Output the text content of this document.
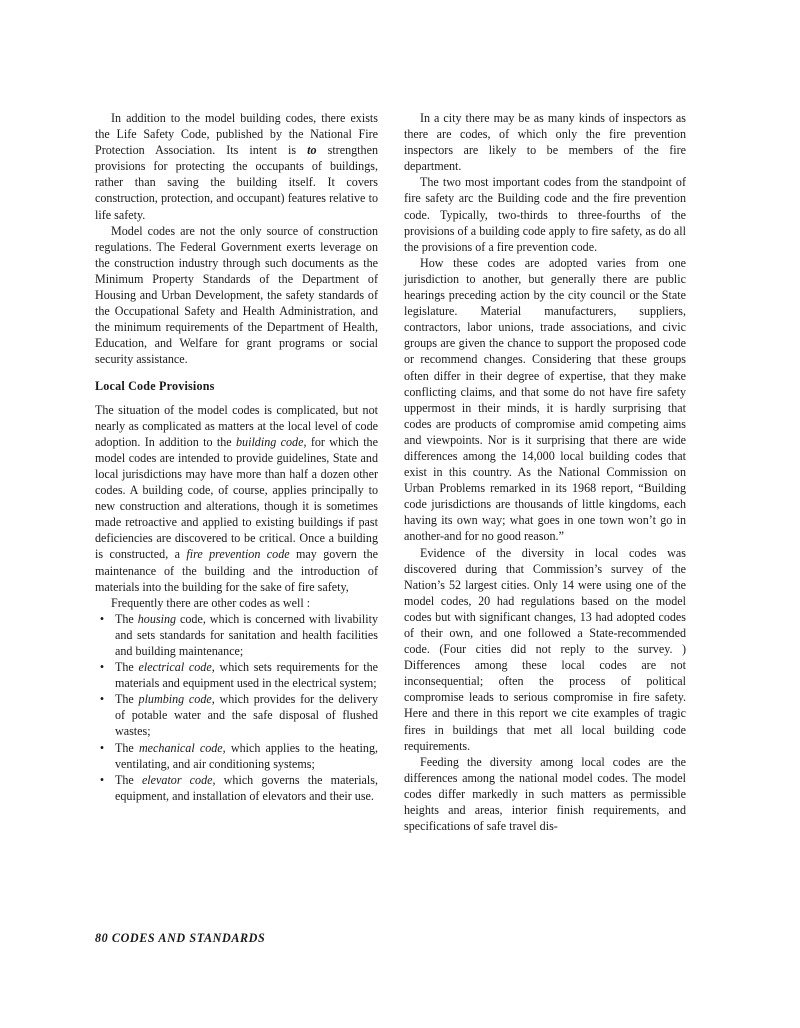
In addition to the model building codes, there exists the Life Safety Code, published by the National Fire Protection Association. Its intent is to strengthen provisions for protecting the occupants of buildings, rather than saving the building itself. It covers construction, protection, and occupant) features relative to life safety.

Model codes are not the only source of construction regulations. The Federal Government exerts leverage on the construction industry through such documents as the Minimum Property Standards of the Department of Housing and Urban Development, the safety standards of the Occupational Safety and Health Administration, and the minimum requirements of the Department of Health, Education, and Welfare for grant programs or social security assistance.

Local Code Provisions

The situation of the model codes is complicated, but not nearly as complicated as matters at the local level of code adoption. In addition to the building code, for which the model codes are intended to provide guidelines, State and local jurisdictions may have more than half a dozen other codes. A building code, of course, applies principally to new construction and alterations, though it is sometimes made retroactive and applied to existing buildings if past deficiencies are discovered to be critical. Once a building is constructed, a fire prevention code may govern the maintenance of the building and the introduction of materials into the building for the sake of fire safety,

Frequently there are other codes as well :

• The housing code, which is concerned with livability and sets standards for sanitation and health facilities and building maintenance;
• The electrical code, which sets requirements for the materials and equipment used in the electrical system;
• The plumbing code, which provides for the delivery of potable water and the safe disposal of flushed wastes;
• The mechanical code, which applies to the heating, ventilating, and air conditioning systems;
• The elevator code, which governs the materials, equipment, and installation of elevators and their use.

In a city there may be as many kinds of inspectors as there are codes, of which only the fire prevention inspectors are likely to be members of the fire department.

The two most important codes from the standpoint of fire safety arc the Building code and the fire prevention code. Typically, two-thirds to three-fourths of the provisions of a building code apply to fire safety, as do all the provisions of a fire prevention code.

How these codes are adopted varies from one jurisdiction to another, but generally there are public hearings preceding action by the city council or the State legislature. Material manufacturers, suppliers, contractors, labor unions, trade associations, and civic groups are given the chance to support the proposed code or recommend changes. Considering that these groups often differ in their degree of expertise, that they make conflicting claims, and that some do not have fire safety uppermost in their minds, it is hardly surprising that codes are products of compromise amid competing aims and viewpoints. Nor is it surprising that there are wide differences among the 14,000 local building codes that exist in this country. As the National Commission on Urban Problems remarked in its 1968 report, “Building code jurisdictions are thousands of little kingdoms, each having its own way; what goes in one town won’t go in another-and for no good reason.”

Evidence of the diversity in local codes was discovered during that Commission’s survey of the Nation’s 52 largest cities. Only 14 were using one of the model codes, 20 had regulations based on the model codes but with significant changes, 13 had adopted codes of their own, and one followed a State-recommended code. (Four cities did not reply to the survey. ) Differences among these local codes are not inconsequential; often the process of political compromise leads to serious compromise in fire safety. Here and there in this report we cite examples of tragic fires in buildings that met all local building code requirements.

Feeding the diversity among local codes are the differences among the national model codes. The model codes differ markedly in such matters as permissible heights and areas, interior finish requirements, and specifications of safe travel dis-

80 CODES AND STANDARDS
